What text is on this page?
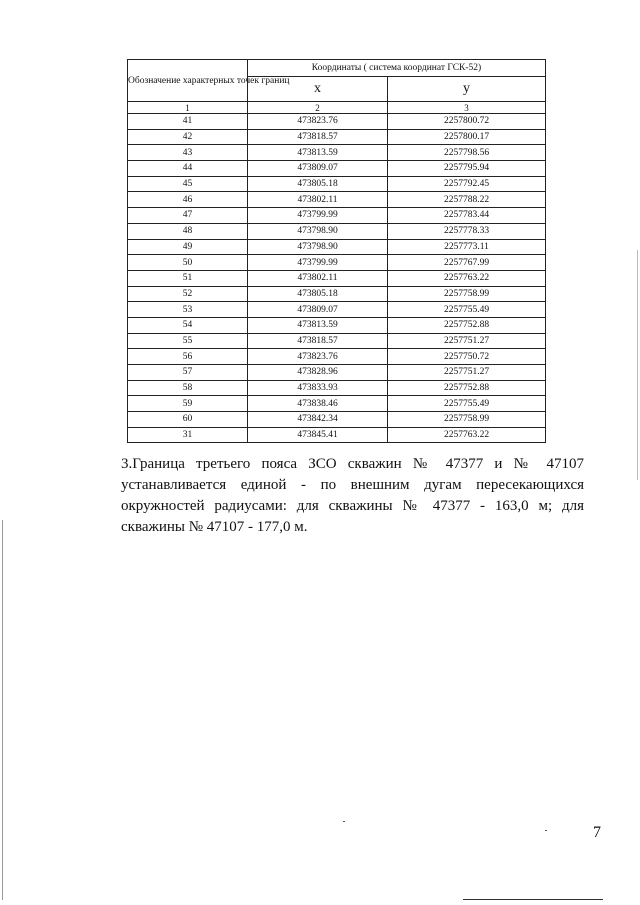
Обозначение характерных точек границ	Координаты ( система координат ГСК-52)	
	х	у
1	2	3
41	473823.76	2257800.72
42	473818.57	2257800.17
43	473813.59	2257798.56
44	473809.07	2257795.94
45	473805.18	2257792.45
46	473802.11	2257788.22
47	473799.99	2257783.44
48	473798.90	2257778.33
49	473798.90	2257773.11
50	473799.99	2257767.99
51	473802.11	2257763.22
52	473805.18	2257758.99
53	473809.07	2257755.49
54	473813.59	2257752.88
55	473818.57	2257751.27
56	473823.76	2257750.72
57	473828.96	2257751.27
58	473833.93	2257752.88
59	473838.46	2257755.49
60	473842.34	2257758.99
31	473845.41	2257763.22

3.Граница третьего пояса ЗСО скважин № 47377 и № 47107 устанавливается единой - по внешним дугам пересекающихся окружностей радиусами: для скважины № 47377 - 163,0 м; для скважины № 47107 - 177,0 м.

7
